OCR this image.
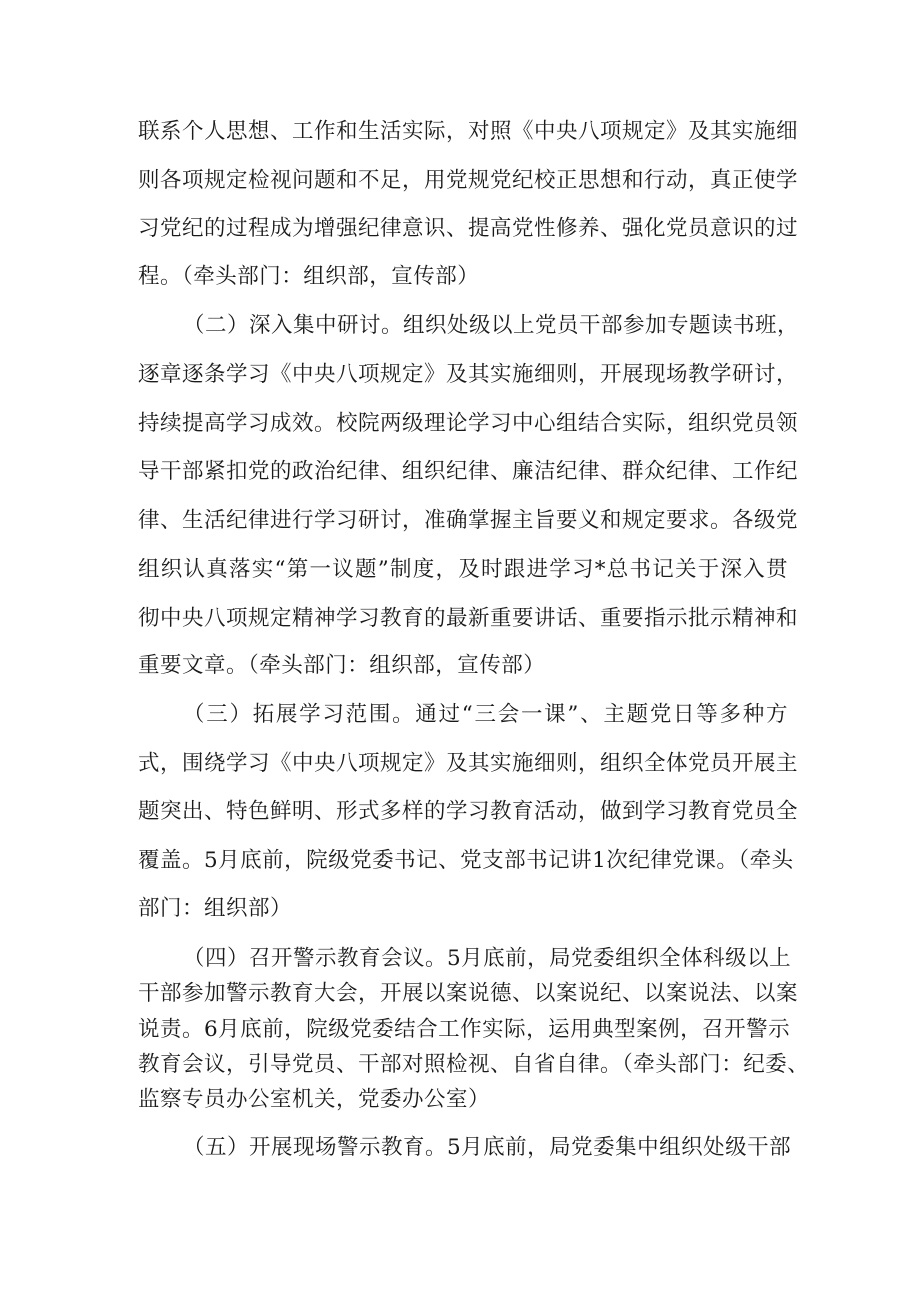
联系个人思想、工作和生活实际，对照《中央八项规定》及其实施细
则各项规定检视问题和不足，用党规党纪校正思想和行动，真正使学
习党纪的过程成为增强纪律意识、提高党性修养、强化党员意识的过
程。（牵头部门：组织部，宣传部）
（二）深入集中研讨。组织处级以上党员干部参加专题读书班，
逐章逐条学习《中央八项规定》及其实施细则，开展现场教学研讨，
持续提高学习成效。校院两级理论学习中心组结合实际，组织党员领
导干部紧扣党的政治纪律、组织纪律、廉洁纪律、群众纪律、工作纪
律、生活纪律进行学习研讨，准确掌握主旨要义和规定要求。各级党
组织认真落实“第一议题”制度，及时跟进学习*总书记关于深入贯
彻中央八项规定精神学习教育的最新重要讲话、重要指示批示精神和
重要文章。（牵头部门：组织部，宣传部）
（三）拓展学习范围。通过“三会一课”、主题党日等多种方
式，围绕学习《中央八项规定》及其实施细则，组织全体党员开展主
题突出、特色鲜明、形式多样的学习教育活动，做到学习教育党员全
覆盖。5月底前，院级党委书记、党支部书记讲1次纪律党课。（牵头
部门：组织部）
（四）召开警示教育会议。5月底前，局党委组织全体科级以上
干部参加警示教育大会，开展以案说德、以案说纪、以案说法、以案
说责。6月底前，院级党委结合工作实际，运用典型案例，召开警示
教育会议，引导党员、干部对照检视、自省自律。（牵头部门：纪委、
监察专员办公室机关，党委办公室）
（五）开展现场警示教育。5月底前，局党委集中组织处级干部
